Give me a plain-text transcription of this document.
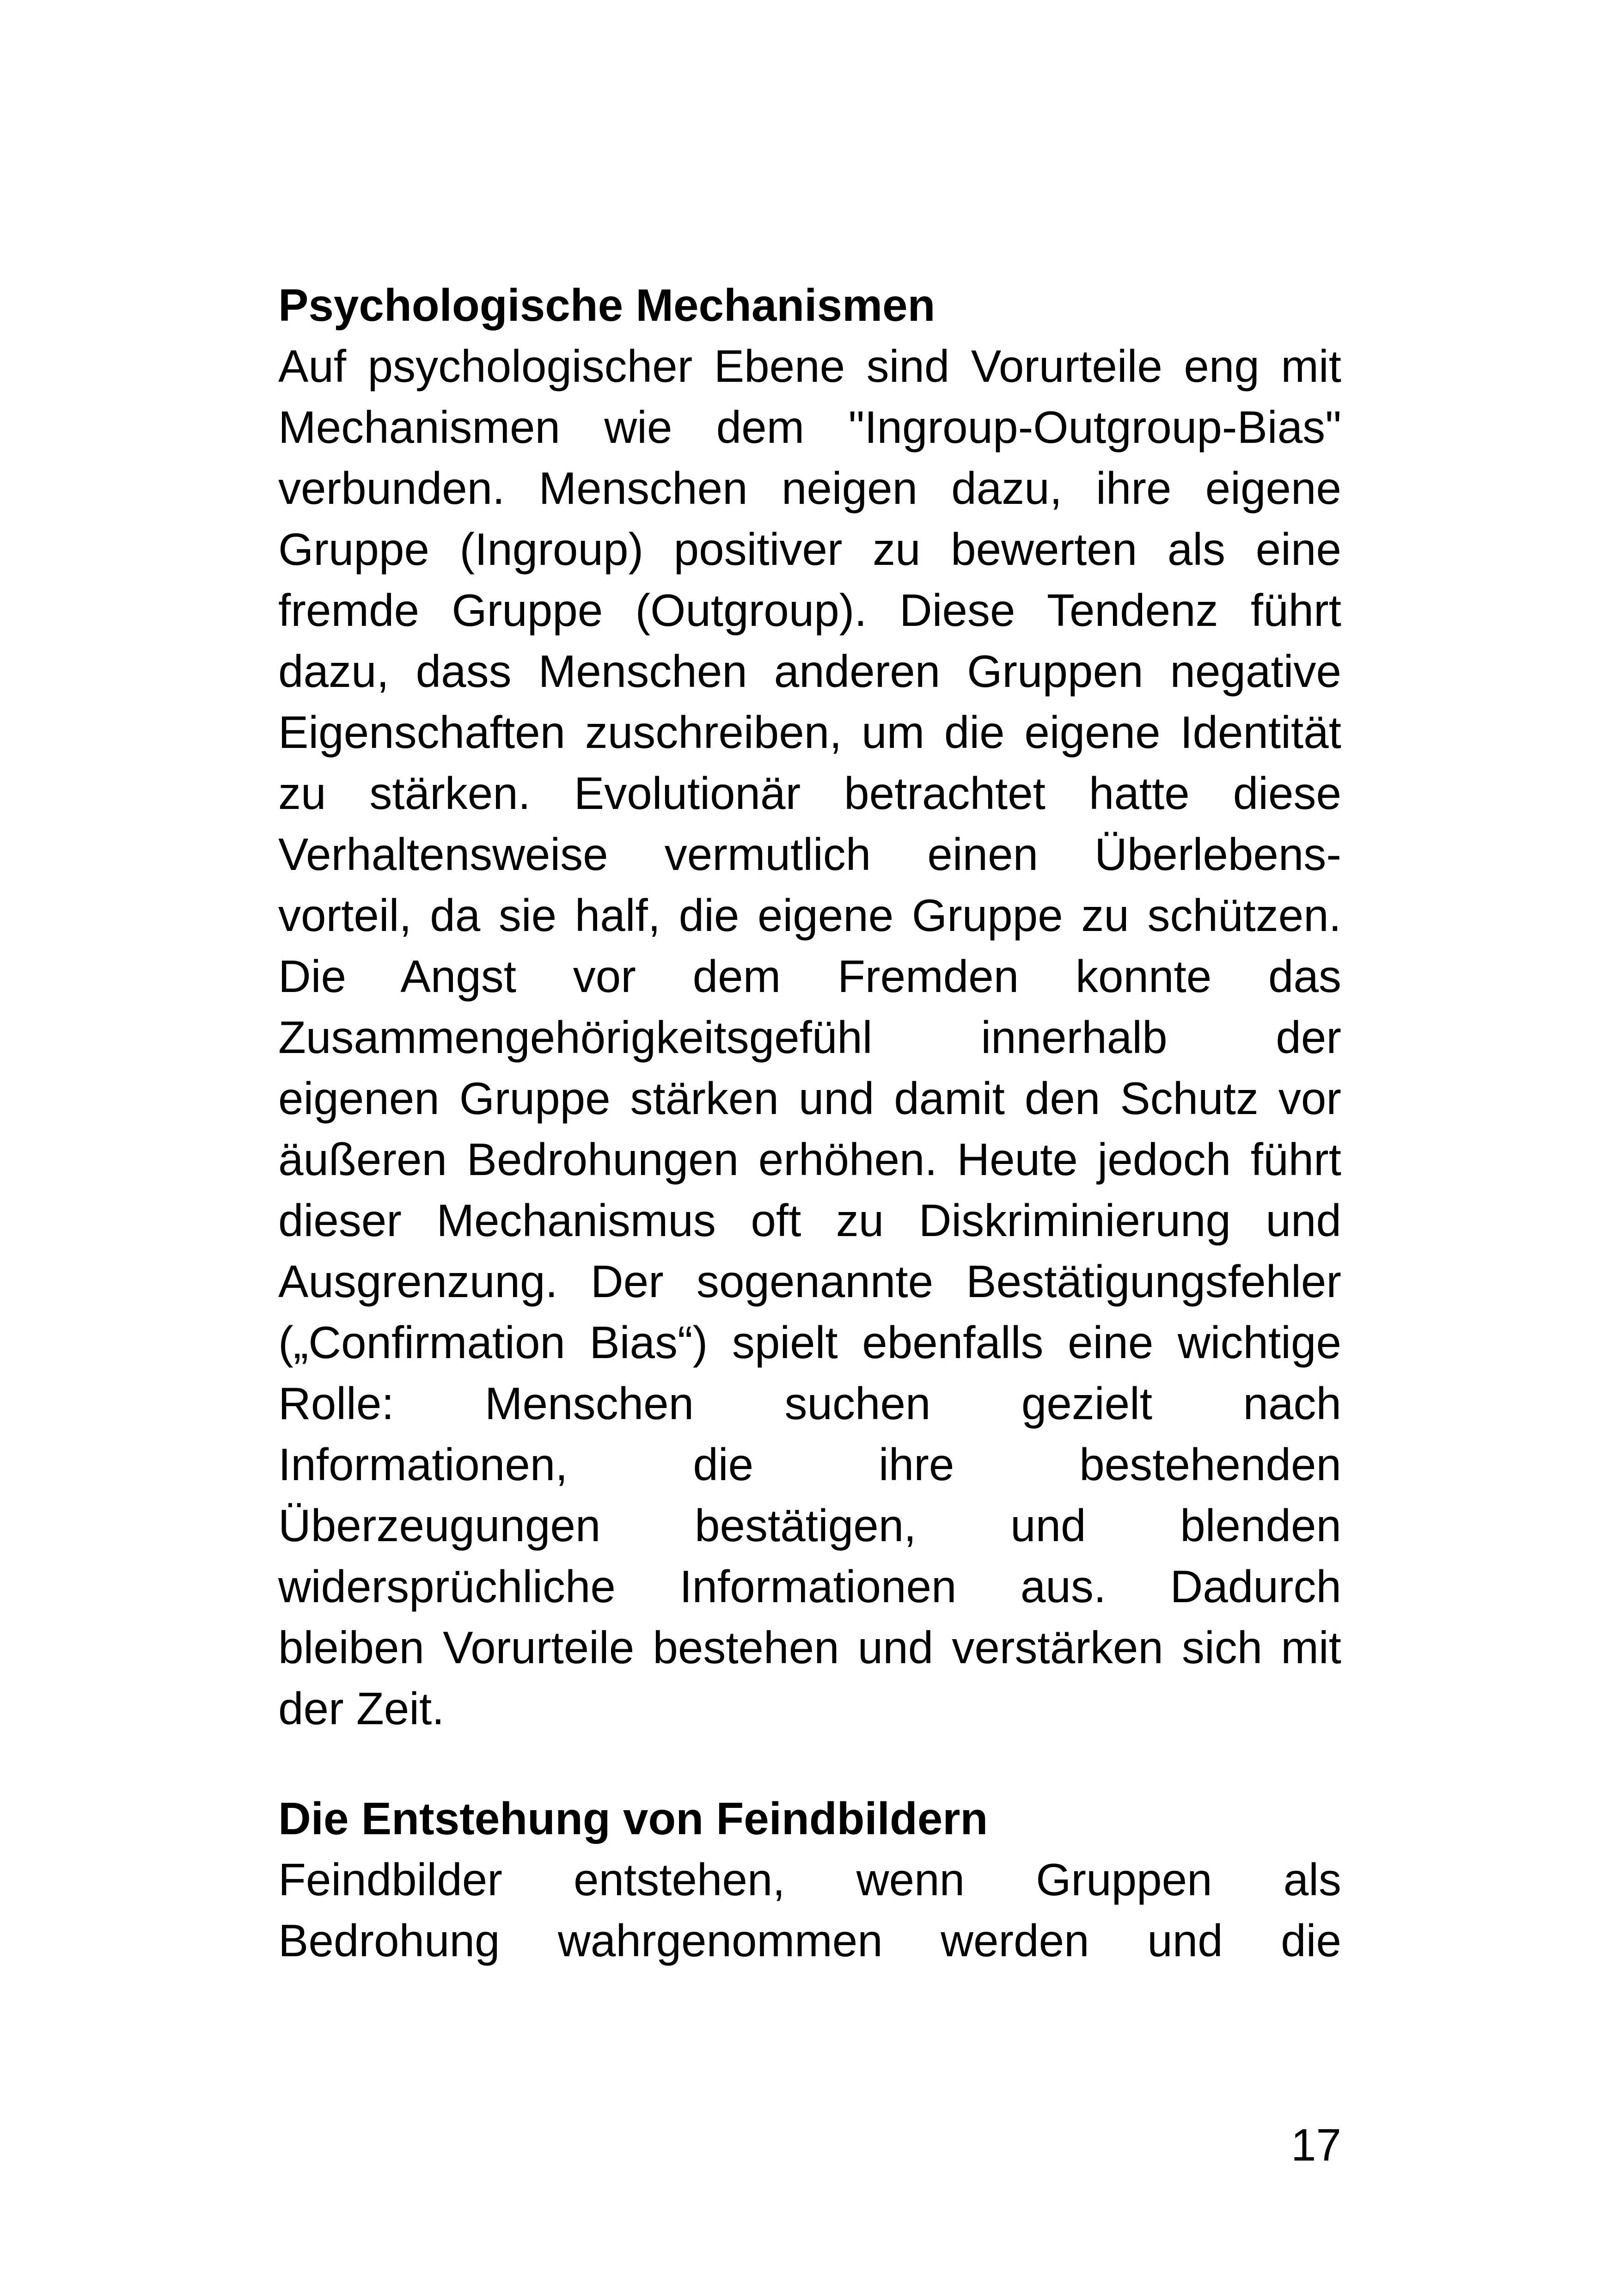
Psychologische Mechanismen
Auf psychologischer Ebene sind Vorurteile eng mit
Mechanismen wie dem "Ingroup-Outgroup-Bias"
verbunden. Menschen neigen dazu, ihre eigene
Gruppe (Ingroup) positiver zu bewerten als eine
fremde Gruppe (Outgroup). Diese Tendenz führt
dazu, dass Menschen anderen Gruppen negative
Eigenschaften zuschreiben, um die eigene Identität
zu stärken. Evolutionär betrachtet hatte diese
Verhaltensweise vermutlich einen Überlebens-
vorteil, da sie half, die eigene Gruppe zu schützen.
Die Angst vor dem Fremden konnte das
Zusammengehörigkeitsgefühl innerhalb der
eigenen Gruppe stärken und damit den Schutz vor
äußeren Bedrohungen erhöhen. Heute jedoch führt
dieser Mechanismus oft zu Diskriminierung und
Ausgrenzung. Der sogenannte Bestätigungsfehler
(„Confirmation Bias“) spielt ebenfalls eine wichtige
Rolle: Menschen suchen gezielt nach
Informationen, die ihre bestehenden
Überzeugungen bestätigen, und blenden
widersprüchliche Informationen aus. Dadurch
bleiben Vorurteile bestehen und verstärken sich mit
der Zeit.
Die Entstehung von Feindbildern
Feindbilder entstehen, wenn Gruppen als
Bedrohung wahrgenommen werden und die
17
